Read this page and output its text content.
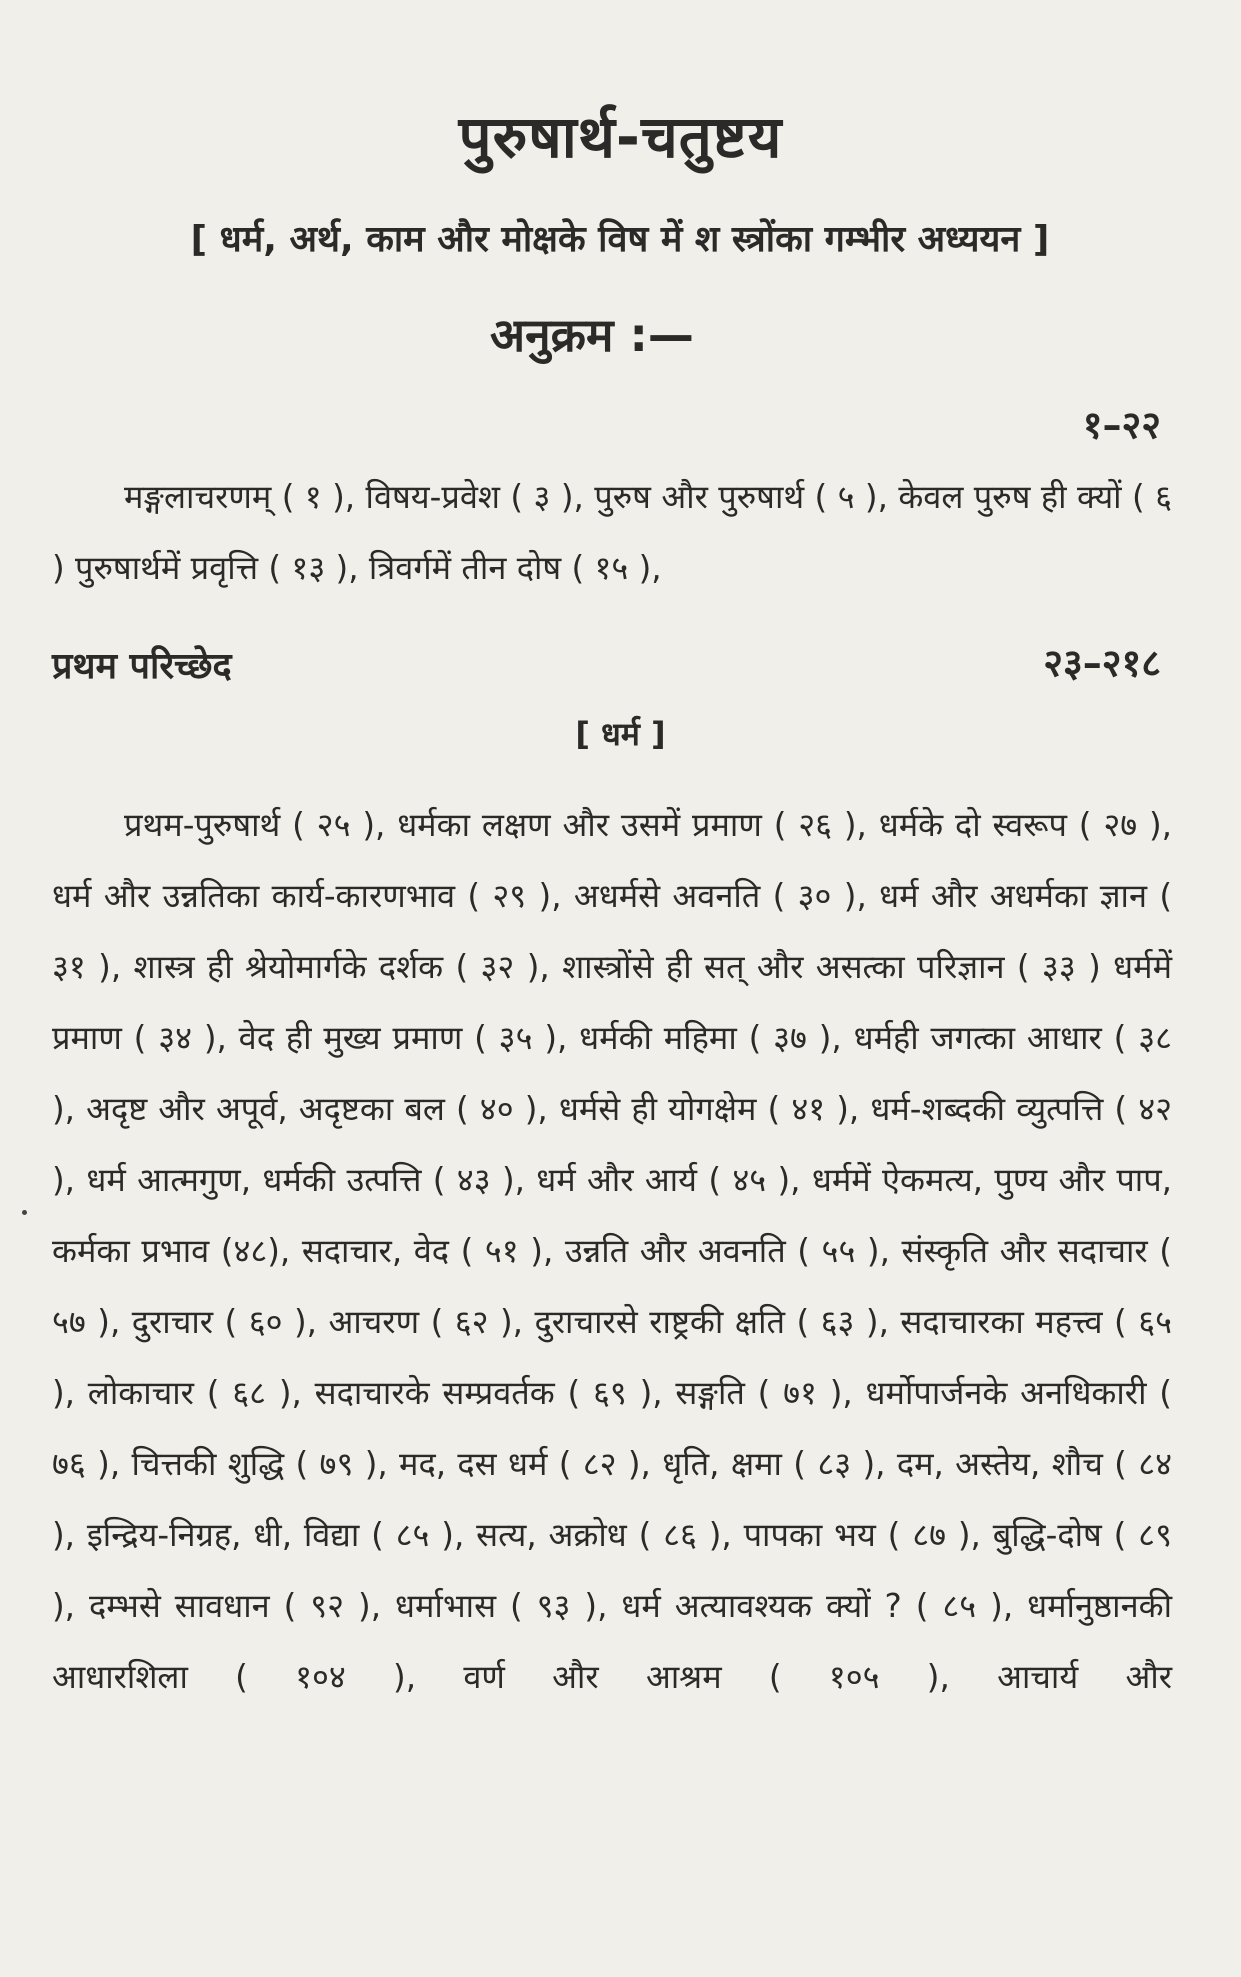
पुरुषार्थ-चतुष्टय
[ धर्म, अर्थ, काम और मोक्षके विष में श स्त्रोंका गम्भीर अध्ययन ]
अनुक्रम :—
१–२२

मङ्गलाचरणम् ( १ ), विषय-प्रवेश ( ३ ), पुरुष और पुरुषार्थ ( ५ ), केवल पुरुष ही क्यों ( ६ ) पुरुषार्थमें प्रवृत्ति ( १३ ), त्रिवर्गमें तीन दोष ( १५ ),

प्रथम परिच्छेद	२३–२१८
[ धर्म ]

प्रथम-पुरुषार्थ ( २५ ), धर्मका लक्षण और उसमें प्रमाण ( २६ ), धर्मके दो स्वरूप ( २७ ), धर्म और उन्नतिका कार्य-कारणभाव ( २९ ), अधर्मसे अवनति ( ३० ), धर्म और अधर्मका ज्ञान ( ३१ ), शास्त्र ही श्रेयोमार्गके दर्शक ( ३२ ), शास्त्रोंसे ही सत् और असत्का परिज्ञान ( ३३ ) धर्ममें प्रमाण ( ३४ ), वेद ही मुख्य प्रमाण ( ३५ ), धर्मकी महिमा ( ३७ ), धर्मही जगत्का आधार ( ३८ ), अदृष्ट और अपूर्व, अदृष्टका बल ( ४० ), धर्मसे ही योगक्षेम ( ४१ ), धर्म-शब्दकी व्युत्पत्ति ( ४२ ), धर्म आत्मगुण, धर्मकी उत्पत्ति ( ४३ ), धर्म और आर्य ( ४५ ), धर्ममें ऐकमत्य, पुण्य और पाप, कर्मका प्रभाव (४८), सदाचार, वेद ( ५१ ), उन्नति और अवनति ( ५५ ), संस्कृति और सदाचार ( ५७ ), दुराचार ( ६० ), आचरण ( ६२ ), दुराचारसे राष्ट्रकी क्षति ( ६३ ), सदाचारका महत्त्व ( ६५ ), लोकाचार ( ६८ ), सदाचारके सम्प्रवर्तक ( ६९ ), सङ्गति ( ७१ ), धर्मोपार्जनके अनधिकारी ( ७६ ), चित्तकी शुद्धि ( ७९ ), मद, दस धर्म ( ८२ ), धृति, क्षमा ( ८३ ), दम, अस्तेय, शौच ( ८४ ), इन्द्रिय-निग्रह, धी, विद्या ( ८५ ), सत्य, अक्रोध ( ८६ ), पापका भय ( ८७ ), बुद्धि-दोष ( ८९ ), दम्भसे सावधान ( ९२ ), धर्माभास ( ९३ ), धर्म अत्यावश्यक क्यों ? ( ८५ ), धर्मानुष्ठानकी आधारशिला ( १०४ ), वर्ण और आश्रम ( १०५ ), आचार्य और
